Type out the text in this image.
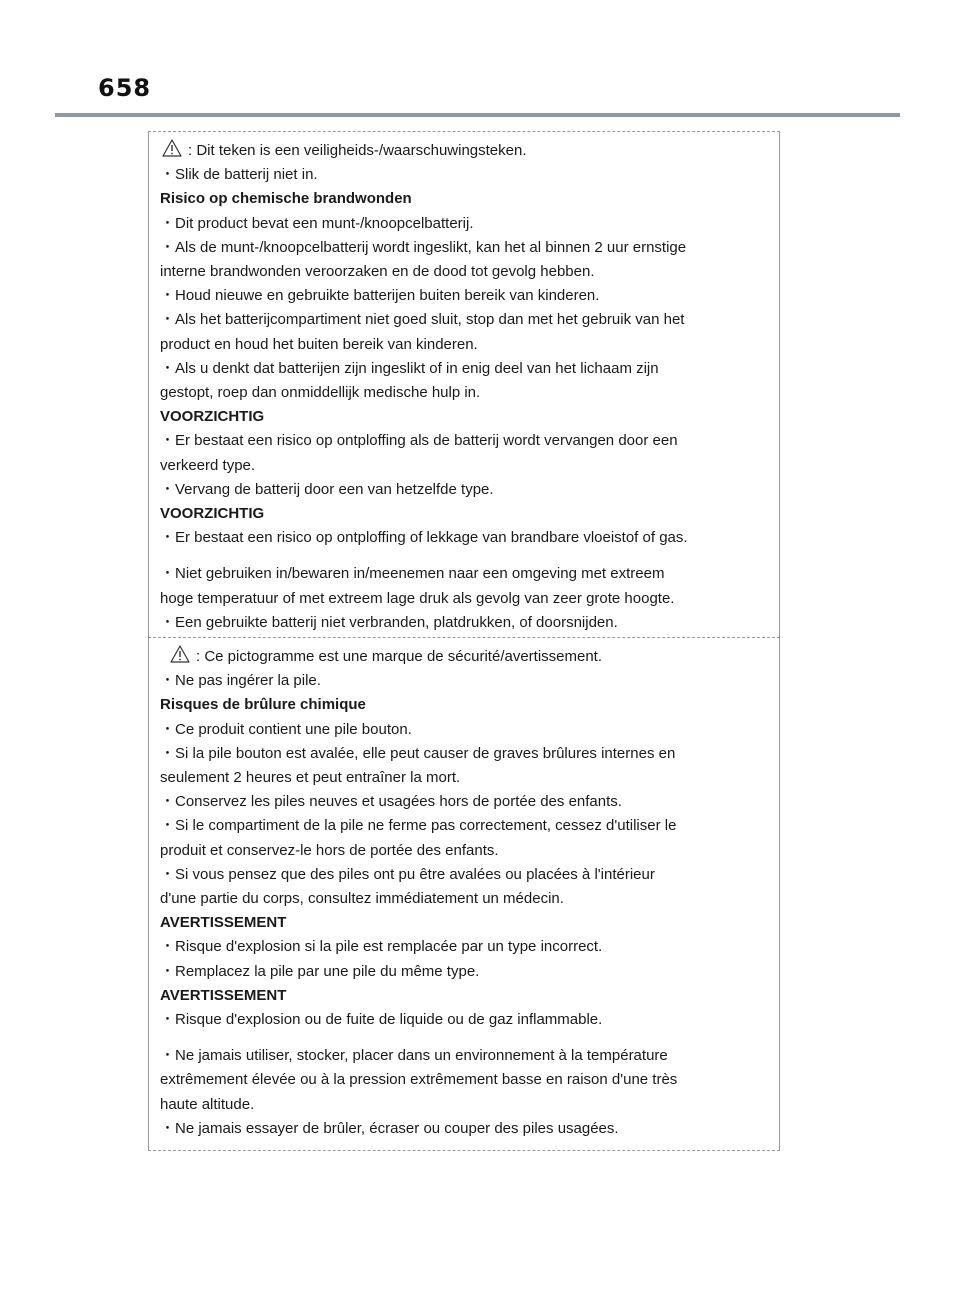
658
: Dit teken is een veiligheids-/waarschuwingsteken.
・Slik de batterij niet in.
Risico op chemische brandwonden
・Dit product bevat een munt-/knoopcelbatterij.
・Als de munt-/knoopcelbatterij wordt ingeslikt, kan het al binnen 2 uur ernstige
interne brandwonden veroorzaken en de dood tot gevolg hebben.
・Houd nieuwe en gebruikte batterijen buiten bereik van kinderen.
・Als het batterijcompartiment niet goed sluit, stop dan met het gebruik van het
product en houd het buiten bereik van kinderen.
・Als u denkt dat batterijen zijn ingeslikt of in enig deel van het lichaam zijn
gestopt, roep dan onmiddellijk medische hulp in.
VOORZICHTIG
・Er bestaat een risico op ontploffing als de batterij wordt vervangen door een
verkeerd type.
・Vervang de batterij door een van hetzelfde type.
VOORZICHTIG
・Er bestaat een risico op ontploffing of lekkage van brandbare vloeistof of gas.
・Niet gebruiken in/bewaren in/meenemen naar een omgeving met extreem
hoge temperatuur of met extreem lage druk als gevolg van zeer grote hoogte.
・Een gebruikte batterij niet verbranden, platdrukken, of doorsnijden.
: Ce pictogramme est une marque de sécurité/avertissement.
・Ne pas ingérer la pile.
Risques de brûlure chimique
・Ce produit contient une pile bouton.
・Si la pile bouton est avalée, elle peut causer de graves brûlures internes en
seulement 2 heures et peut entraîner la mort.
・Conservez les piles neuves et usagées hors de portée des enfants.
・Si le compartiment de la pile ne ferme pas correctement, cessez d'utiliser le
produit et conservez-le hors de portée des enfants.
・Si vous pensez que des piles ont pu être avalées ou placées à l'intérieur
d'une partie du corps, consultez immédiatement un médecin.
AVERTISSEMENT
・Risque d'explosion si la pile est remplacée par un type incorrect.
・Remplacez la pile par une pile du même type.
AVERTISSEMENT
・Risque d'explosion ou de fuite de liquide ou de gaz inflammable.
・Ne jamais utiliser, stocker, placer dans un environnement à la température
extrêmement élevée ou à la pression extrêmement basse en raison d'une très
haute altitude.
・Ne jamais essayer de brûler, écraser ou couper des piles usagées.
